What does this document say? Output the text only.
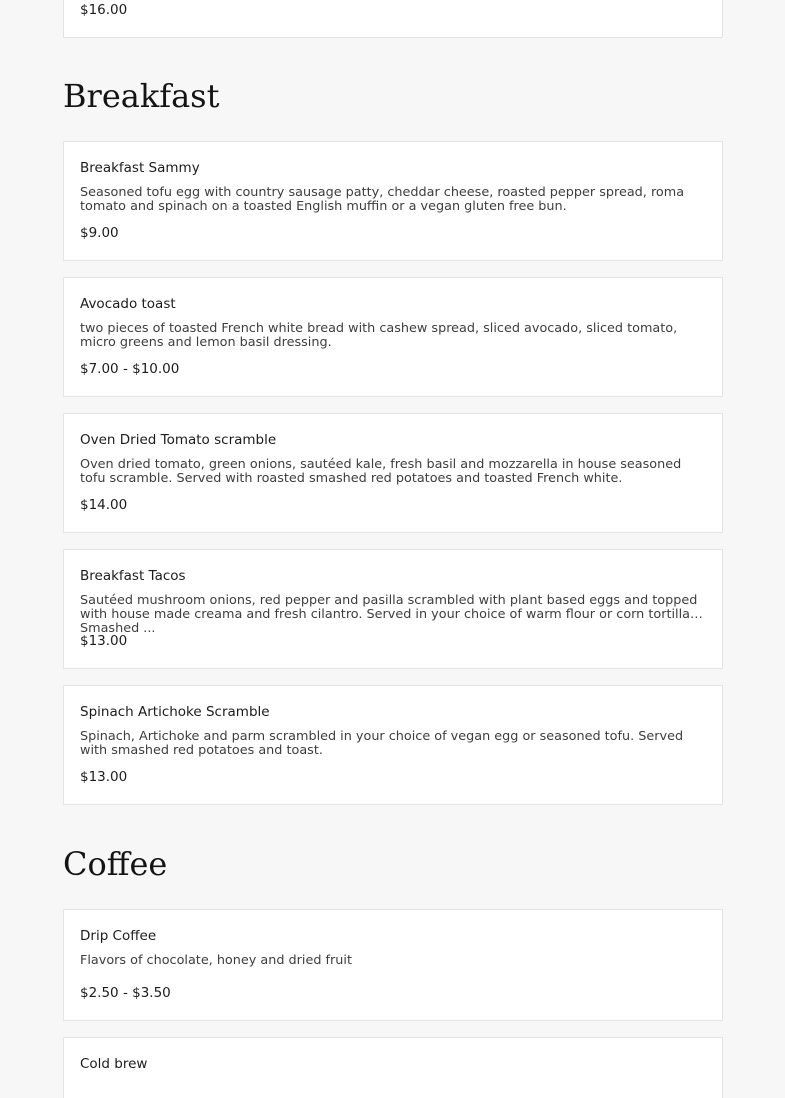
$16.00
Breakfast
Breakfast Sammy
Seasoned tofu egg with country sausage patty, cheddar cheese, roasted pepper spread, roma tomato and spinach on a toasted English muffin or a vegan gluten free bun.
$9.00
Avocado toast
two pieces of toasted French white bread with cashew spread, sliced avocado, sliced tomato, micro greens and lemon basil dressing.
$7.00 - $10.00
Oven Dried Tomato scramble
Oven dried tomato, green onions, sautéed kale, fresh basil and mozzarella in house seasoned tofu scramble. Served with roasted smashed red potatoes and toasted French white.
$14.00
Breakfast Tacos
Sautéed mushroom onions, red pepper and pasilla scrambled with plant based eggs and topped with house made creama and fresh cilantro. Served in your choice of warm flour or corn tortillas. Smashed ...
$13.00
Spinach Artichoke Scramble
Spinach, Artichoke and parm scrambled in your choice of vegan egg or seasoned tofu. Served with smashed red potatoes and toast.
$13.00
Coffee
Drip Coffee
Flavors of chocolate, honey and dried fruit
$2.50 - $3.50
Cold brew
